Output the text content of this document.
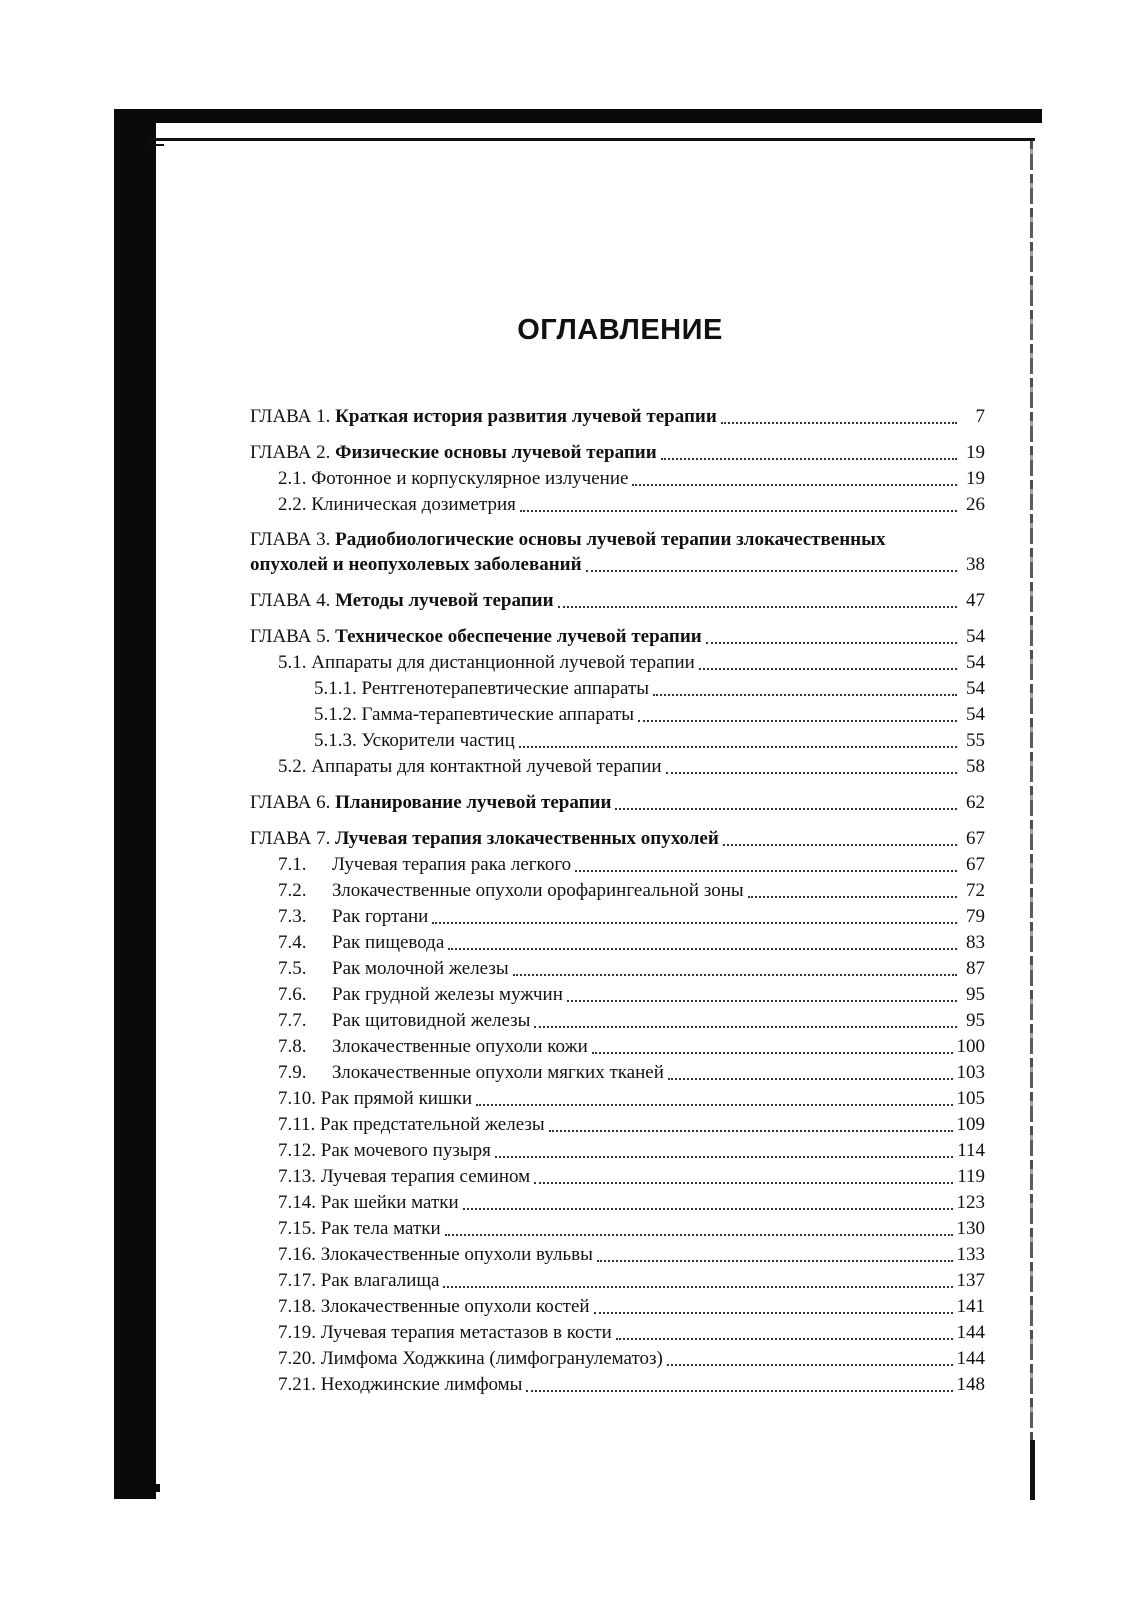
ОГЛАВЛЕНИЕ
ГЛАВА 1. Краткая история развития лучевой терапии	7
ГЛАВА 2. Физические основы лучевой терапии	19
2.1. Фотонное и корпускулярное излучение	19
2.2. Клиническая дозиметрия	26
ГЛАВА 3. Радиобиологические основы лучевой терапии злокачественных
опухолей и неопухолевых заболеваний	38
ГЛАВА 4. Методы лучевой терапии	47
ГЛАВА 5. Техническое обеспечение лучевой терапии	54
5.1. Аппараты для дистанционной лучевой терапии	54
5.1.1. Рентгенотерапевтические аппараты	54
5.1.2. Гамма-терапевтические аппараты	54
5.1.3. Ускорители частиц	55
5.2. Аппараты для контактной лучевой терапии	58
ГЛАВА 6. Планирование лучевой терапии	62
ГЛАВА 7. Лучевая терапия злокачественных опухолей	67
7.1. Лучевая терапия рака легкого	67
7.2. Злокачественные опухоли орофарингеальной зоны	72
7.3. Рак гортани	79
7.4. Рак пищевода	83
7.5. Рак молочной железы	87
7.6. Рак грудной железы мужчин	95
7.7. Рак щитовидной железы	95
7.8. Злокачественные опухоли кожи	100
7.9. Злокачественные опухоли мягких тканей	103
7.10. Рак прямой кишки	105
7.11. Рак предстательной железы	109
7.12. Рак мочевого пузыря	114
7.13. Лучевая терапия семином	119
7.14. Рак шейки матки	123
7.15. Рак тела матки	130
7.16. Злокачественные опухоли вульвы	133
7.17. Рак влагалища	137
7.18. Злокачественные опухоли костей	141
7.19. Лучевая терапия метастазов в кости	144
7.20. Лимфома Ходжкина (лимфогранулематоз)	144
7.21. Неходжинские лимфомы	148
